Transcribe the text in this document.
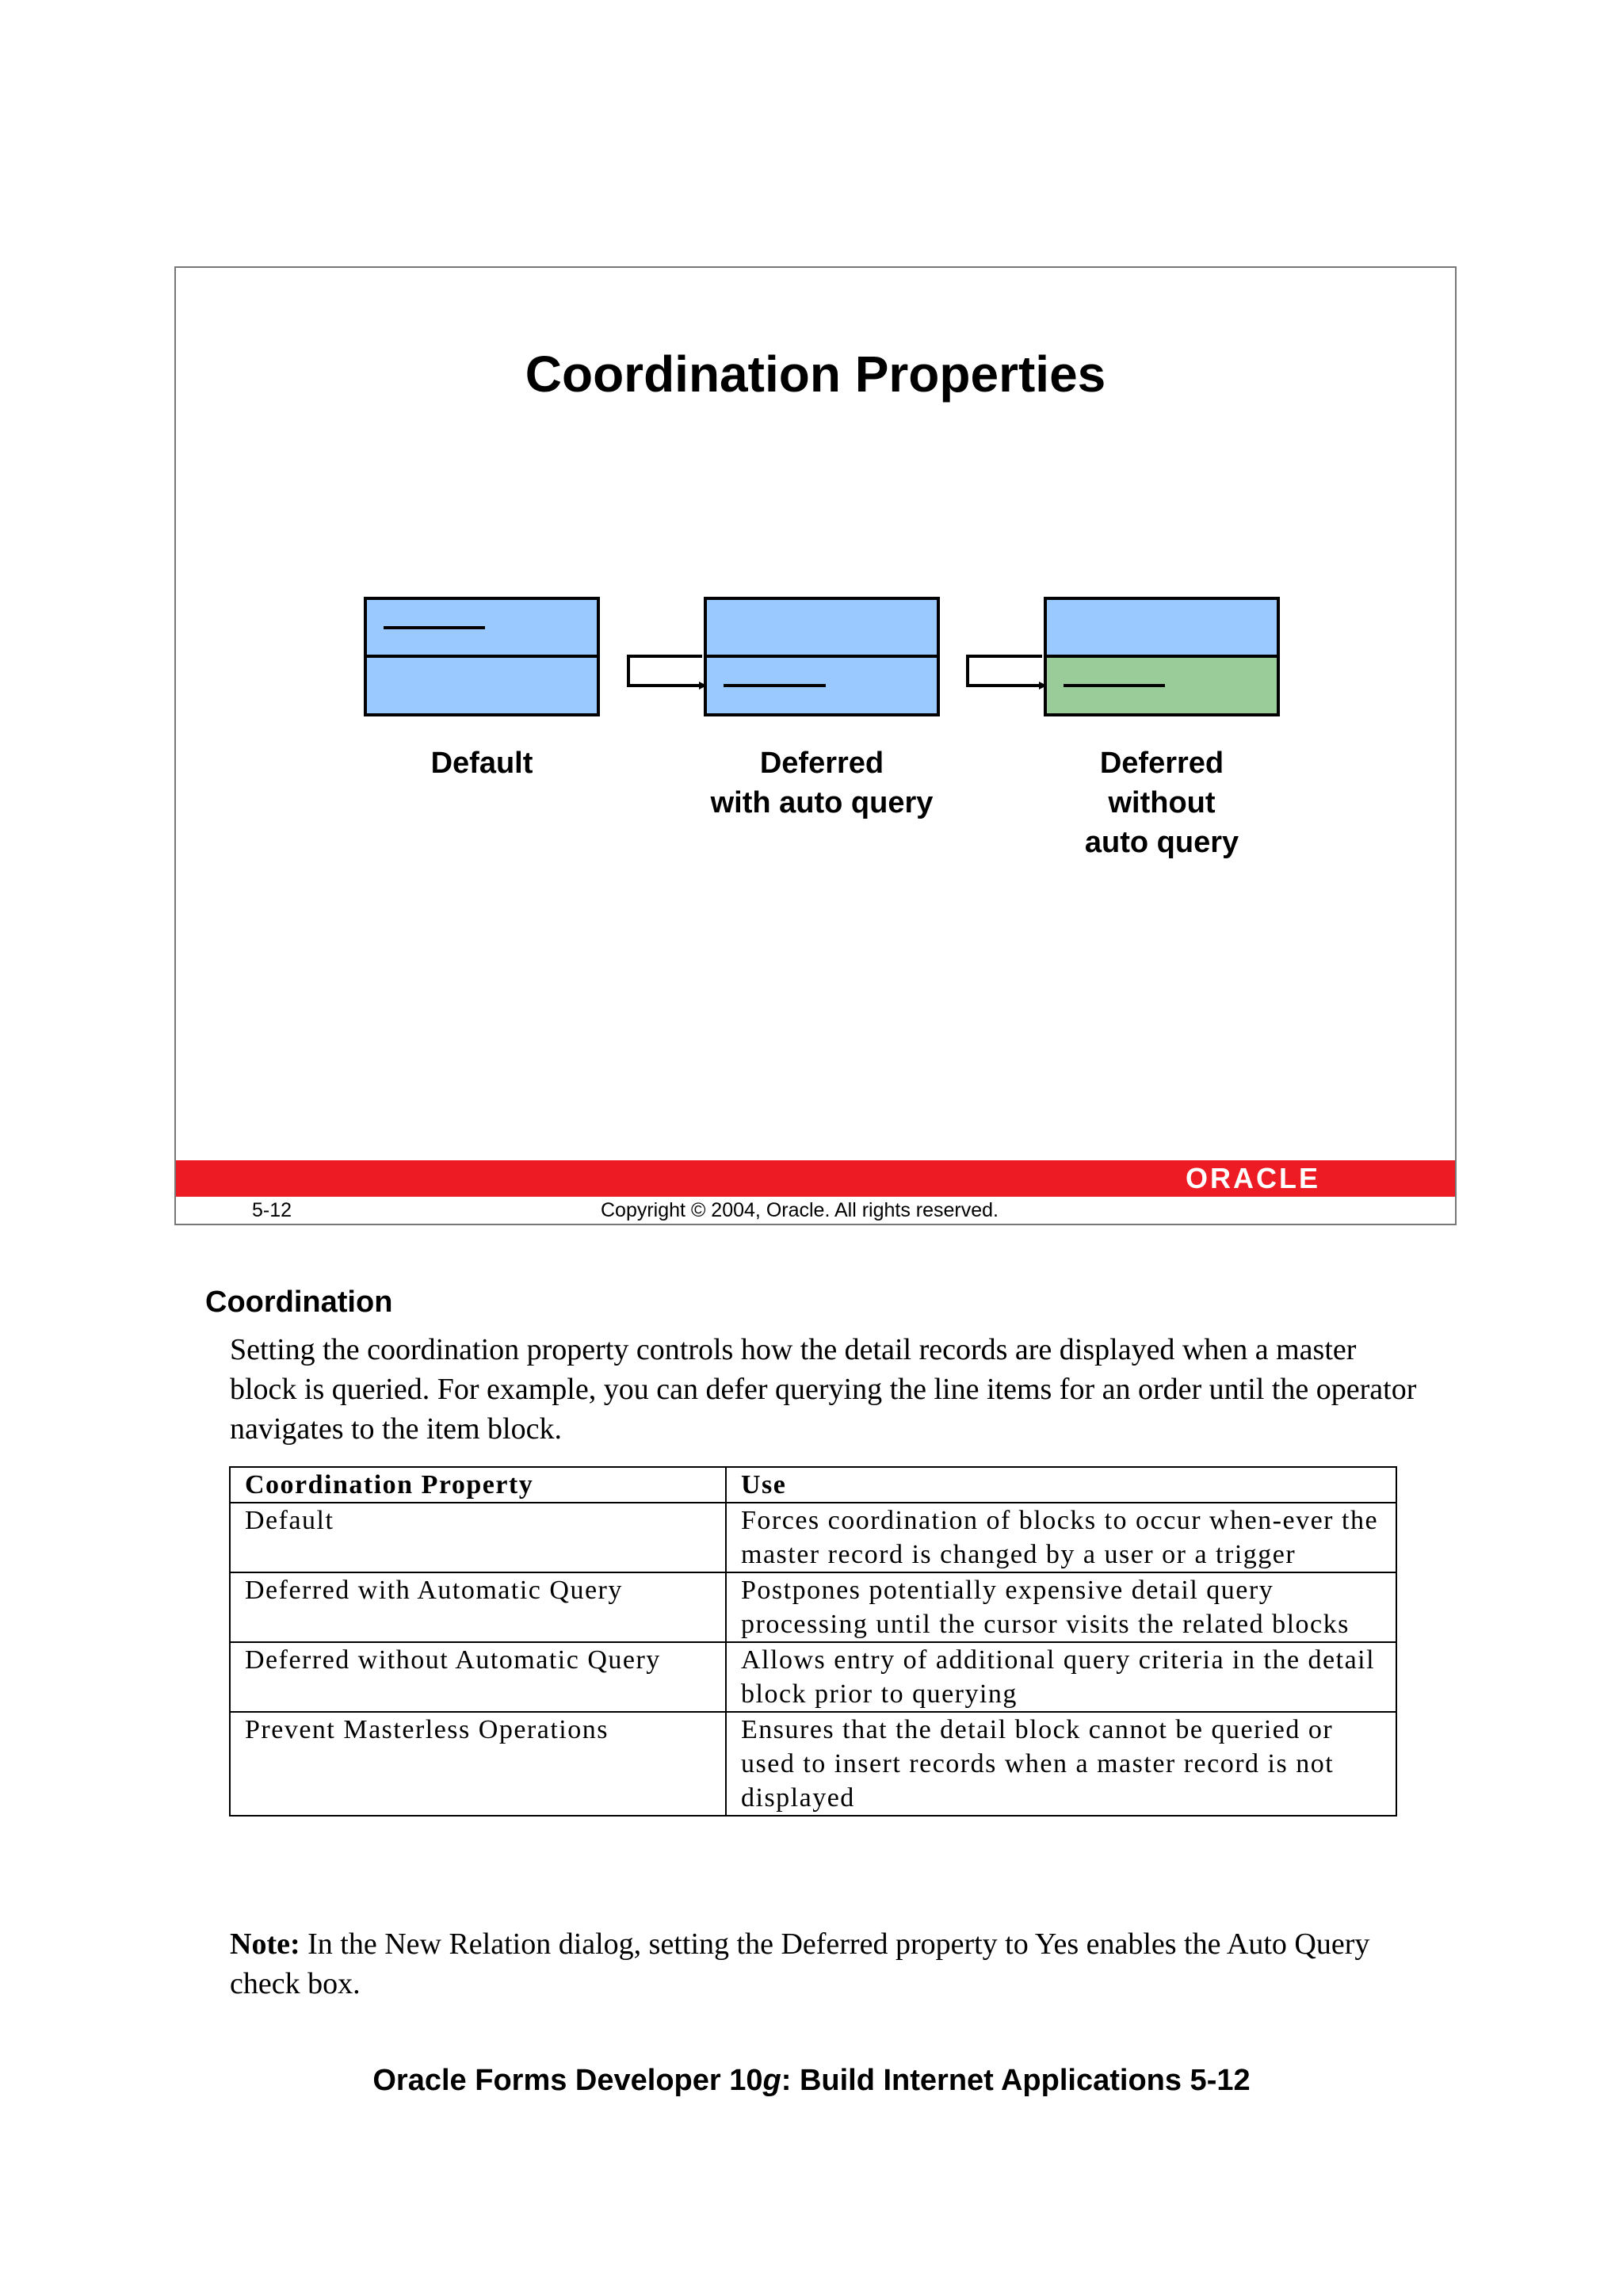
Coordination Properties
Default	Deferred
with auto query
Deferred
without
auto query

ORACLE

5-12	Copyright © 2004, Oracle. All rights reserved.
Coordination

Setting the coordination property controls how the detail records are displayed when a master block is queried. For example, you can defer querying the line items for an order until the operator navigates to the item block.

Coordination Property	Use
Default	Forces coordination of blocks to occur when-ever the master record is changed by a user or a trigger
Deferred with Automatic Query	Postpones potentially expensive detail query processing until the cursor visits the related blocks
Deferred without Automatic Query	Allows entry of additional query criteria in the detail block prior to querying
Prevent Masterless Operations	Ensures that the detail block cannot be queried or used to insert records when a master record is not displayed

Note: In the New Relation dialog, setting the Deferred property to Yes enables the Auto Query check box.

Oracle Forms Developer 10g: Build Internet Applications 5-12
